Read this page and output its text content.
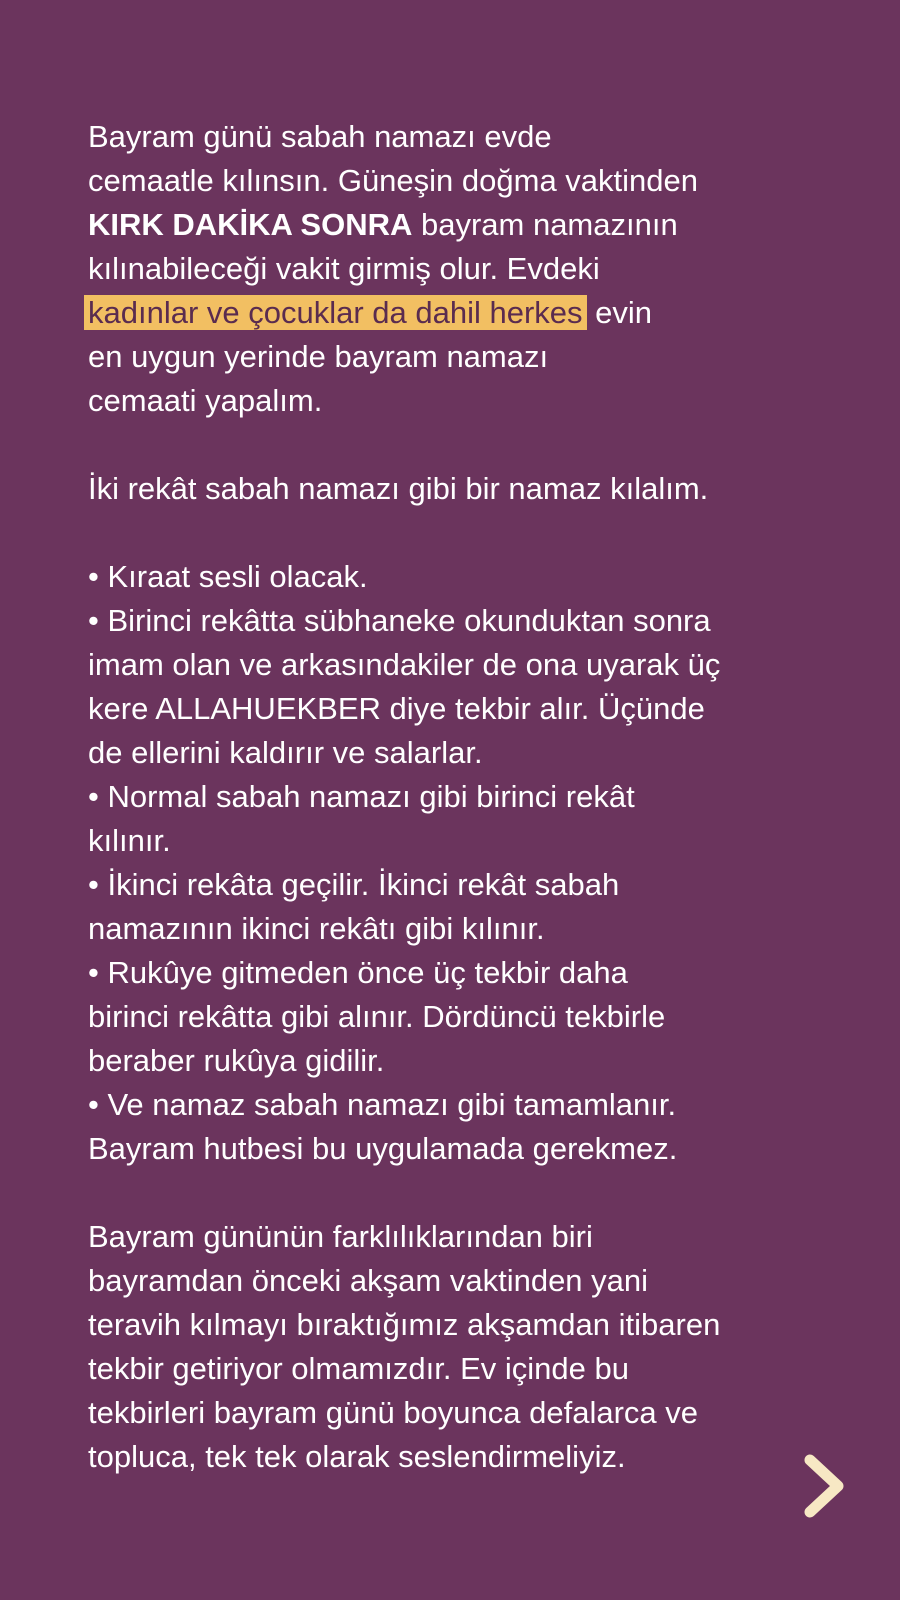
Bayram günü sabah namazı evde
cemaatle kılınsın. Güneşin doğma vaktinden
KIRK DAKİKA SONRA bayram namazının
kılınabileceği vakit girmiş olur. Evdeki
kadınlar ve çocuklar da dahil herkes evin
en uygun yerinde bayram namazı
cemaati yapalım.
İki rekât sabah namazı gibi bir namaz kılalım.
• Kıraat sesli olacak.
• Birinci rekâtta sübhaneke okunduktan sonra
imam olan ve arkasındakiler de ona uyarak üç
kere ALLAHUEKBER diye tekbir alır. Üçünde
de ellerini kaldırır ve salarlar.
• Normal sabah namazı gibi birinci rekât
kılınır.
• İkinci rekâta geçilir. İkinci rekât sabah
namazının ikinci rekâtı gibi kılınır.
• Rukûye gitmeden önce üç tekbir daha
birinci rekâtta gibi alınır. Dördüncü tekbirle
beraber rukûya gidilir.
• Ve namaz sabah namazı gibi tamamlanır.
Bayram hutbesi bu uygulamada gerekmez.
Bayram gününün farklılıklarından biri
bayramdan önceki akşam vaktinden yani
teravih kılmayı bıraktığımız akşamdan itibaren
tekbir getiriyor olmamızdır. Ev içinde bu
tekbirleri bayram günü boyunca defalarca ve
topluca, tek tek olarak seslendirmeliyiz.
